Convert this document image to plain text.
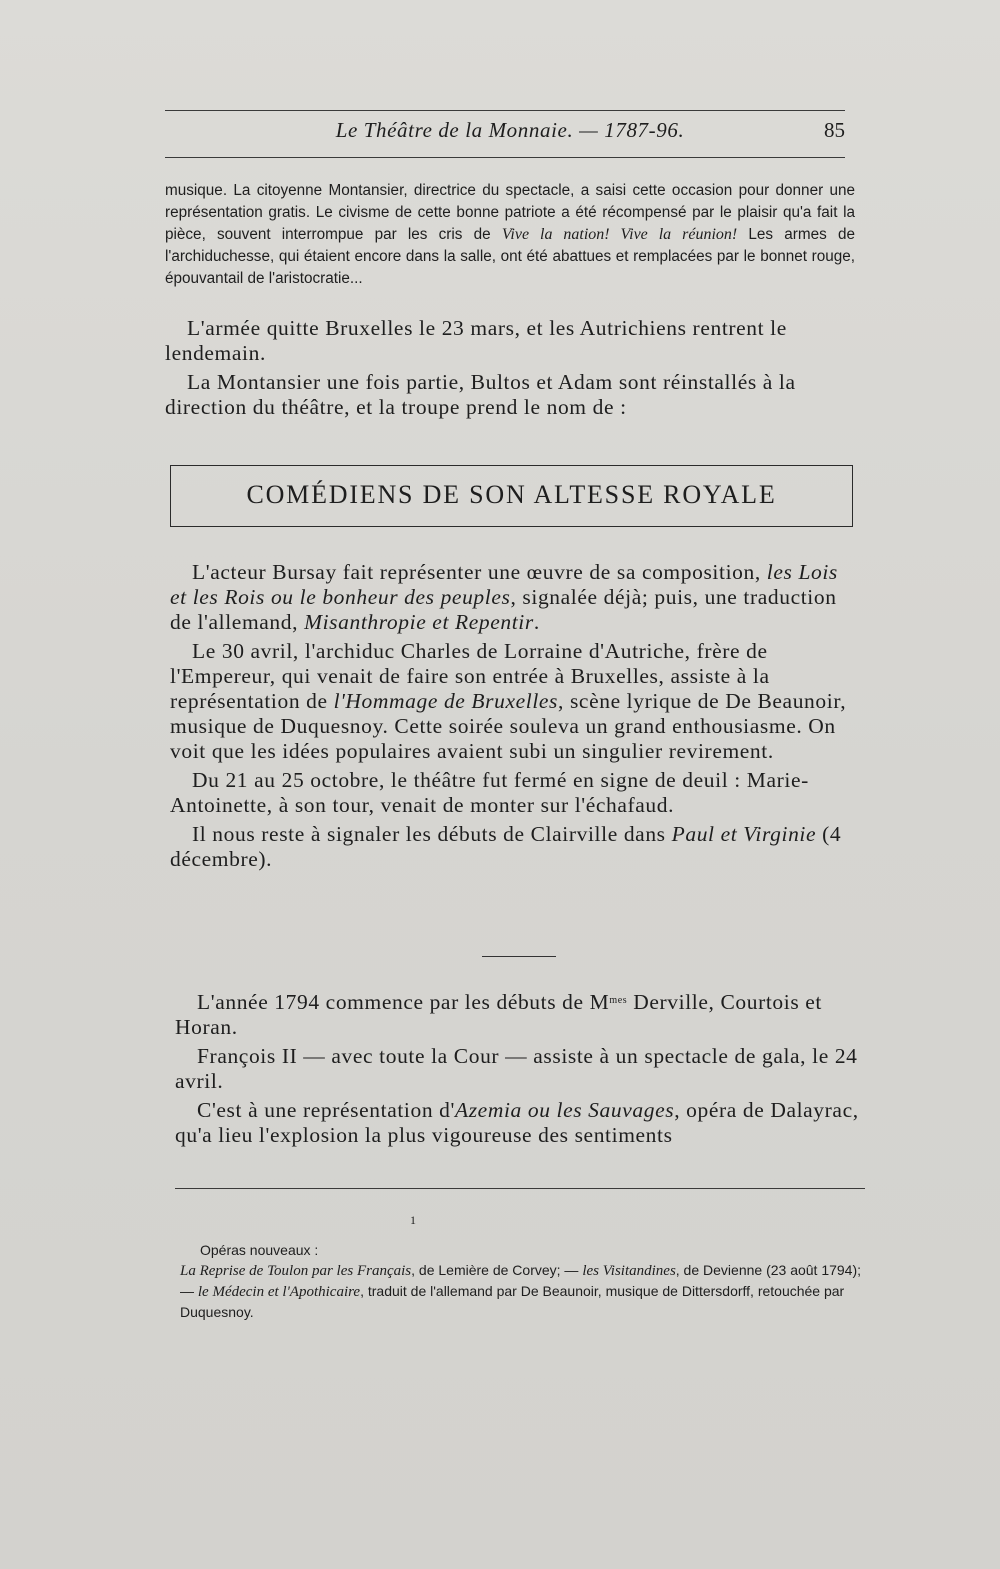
Le Théâtre de la Monnaie. — 1787-96.	85
musique. La citoyenne Montansier, directrice du spectacle, a saisi cette occasion pour donner une représentation gratis. Le civisme de cette bonne patriote a été récompensé par le plaisir qu'a fait la pièce, souvent interrompue par les cris de Vive la nation! Vive la réunion! Les armes de l'archiduchesse, qui étaient encore dans la salle, ont été abattues et remplacées par le bonnet rouge, épouvantail de l'aristocratie...

L'armée quitte Bruxelles le 23 mars, et les Autrichiens rentrent le lendemain.

La Montansier une fois partie, Bultos et Adam sont réinstallés à la direction du théâtre, et la troupe prend le nom de :

COMÉDIENS DE SON ALTESSE ROYALE

L'acteur Bursay fait représenter une œuvre de sa composition, les Lois et les Rois ou le bonheur des peuples, signalée déjà; puis, une traduction de l'allemand, Misanthropie et Repentir.

Le 30 avril, l'archiduc Charles de Lorraine d'Autriche, frère de l'Empereur, qui venait de faire son entrée à Bruxelles, assiste à la représentation de l'Hommage de Bruxelles, scène lyrique de De Beaunoir, musique de Duquesnoy. Cette soirée souleva un grand enthousiasme. On voit que les idées populaires avaient subi un singulier revirement.

Du 21 au 25 octobre, le théâtre fut fermé en signe de deuil : Marie-Antoinette, à son tour, venait de monter sur l'échafaud.

Il nous reste à signaler les débuts de Clairville dans Paul et Virginie (4 décembre).

L'année 1794 commence par les débuts de $M^{mes}$ Derville, Courtois et Horan.

François II — avec toute la Cour — assiste à un spectacle de gala, le 24 avril.

C'est à une représentation d'Azemia ou les Sauvages, opéra de Dalayrac, qu'a lieu l'explosion la plus vigoureuse des sentiments

1

Opéras nouveaux :

La Reprise de Toulon par les Français, de Lemière de Corvey; — les Visitandines, de Devienne (23 août 1794); — le Médecin et l'Apothicaire, traduit de l'allemand par De Beaunoir, musique de Dittersdorff, retouchée par Duquesnoy.
